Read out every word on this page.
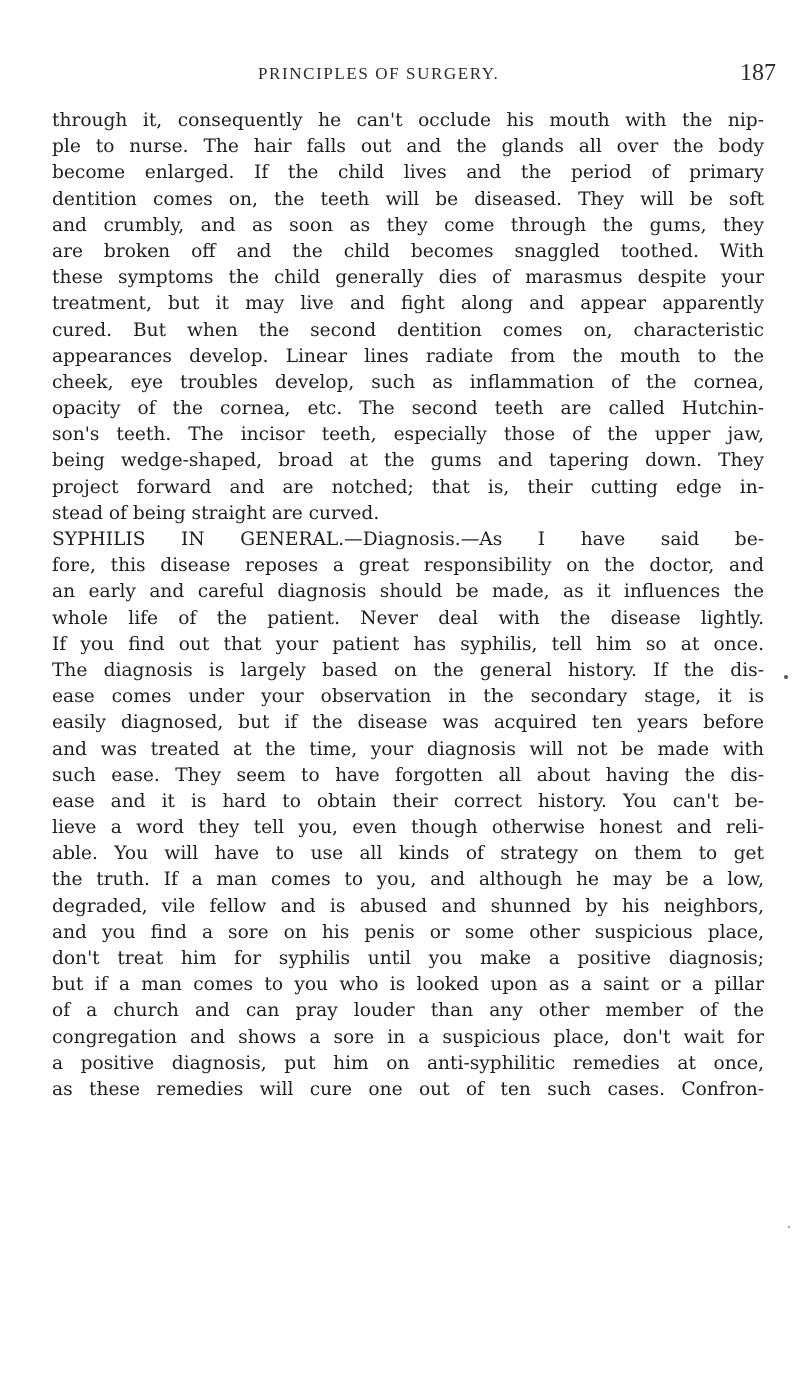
PRINCIPLES OF SURGERY.	187
through it, consequently he can't occlude his mouth with the nip-
ple to nurse. The hair falls out and the glands all over the body
become enlarged. If the child lives and the period of primary
dentition comes on, the teeth will be diseased. They will be soft
and crumbly, and as soon as they come through the gums, they
are broken off and the child becomes snaggled toothed. With
these symptoms the child generally dies of marasmus despite your
treatment, but it may live and fight along and appear apparently
cured. But when the second dentition comes on, characteristic
appearances develop. Linear lines radiate from the mouth to the
cheek, eye troubles develop, such as inflammation of the cornea,
opacity of the cornea, etc. The second teeth are called Hutchin-
son's teeth. The incisor teeth, especially those of the upper jaw,
being wedge-shaped, broad at the gums and tapering down. They
project forward and are notched; that is, their cutting edge in-
stead of being straight are curved.
SYPHILIS IN GENERAL.—Diagnosis.—As I have said be-
fore, this disease reposes a great responsibility on the doctor, and
an early and careful diagnosis should be made, as it influences the
whole life of the patient. Never deal with the disease lightly.
If you find out that your patient has syphilis, tell him so at once.
The diagnosis is largely based on the general history. If the dis-
ease comes under your observation in the secondary stage, it is
easily diagnosed, but if the disease was acquired ten years before
and was treated at the time, your diagnosis will not be made with
such ease. They seem to have forgotten all about having the dis-
ease and it is hard to obtain their correct history. You can't be-
lieve a word they tell you, even though otherwise honest and reli-
able. You will have to use all kinds of strategy on them to get
the truth. If a man comes to you, and although he may be a low,
degraded, vile fellow and is abused and shunned by his neighbors,
and you find a sore on his penis or some other suspicious place,
don't treat him for syphilis until you make a positive diagnosis;
but if a man comes to you who is looked upon as a saint or a pillar
of a church and can pray louder than any other member of the
congregation and shows a sore in a suspicious place, don't wait for
a positive diagnosis, put him on anti-syphilitic remedies at once,
as these remedies will cure one out of ten such cases. Confron-
